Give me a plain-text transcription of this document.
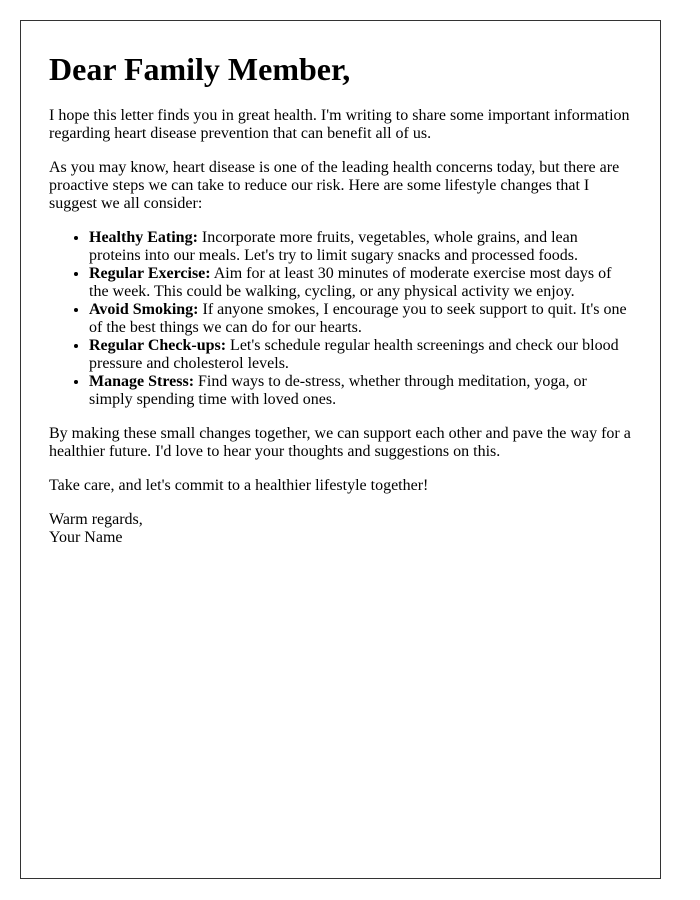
Dear Family Member,

I hope this letter finds you in great health. I'm writing to share some important information regarding heart disease prevention that can benefit all of us.

As you may know, heart disease is one of the leading health concerns today, but there are proactive steps we can take to reduce our risk. Here are some lifestyle changes that I suggest we all consider:

• Healthy Eating: Incorporate more fruits, vegetables, whole grains, and lean proteins into our meals. Let's try to limit sugary snacks and processed foods.
• Regular Exercise: Aim for at least 30 minutes of moderate exercise most days of the week. This could be walking, cycling, or any physical activity we enjoy.
• Avoid Smoking: If anyone smokes, I encourage you to seek support to quit. It's one of the best things we can do for our hearts.
• Regular Check-ups: Let's schedule regular health screenings and check our blood pressure and cholesterol levels.
• Manage Stress: Find ways to de-stress, whether through meditation, yoga, or simply spending time with loved ones.

By making these small changes together, we can support each other and pave the way for a healthier future. I'd love to hear your thoughts and suggestions on this.

Take care, and let's commit to a healthier lifestyle together!

Warm regards,

Your Name
